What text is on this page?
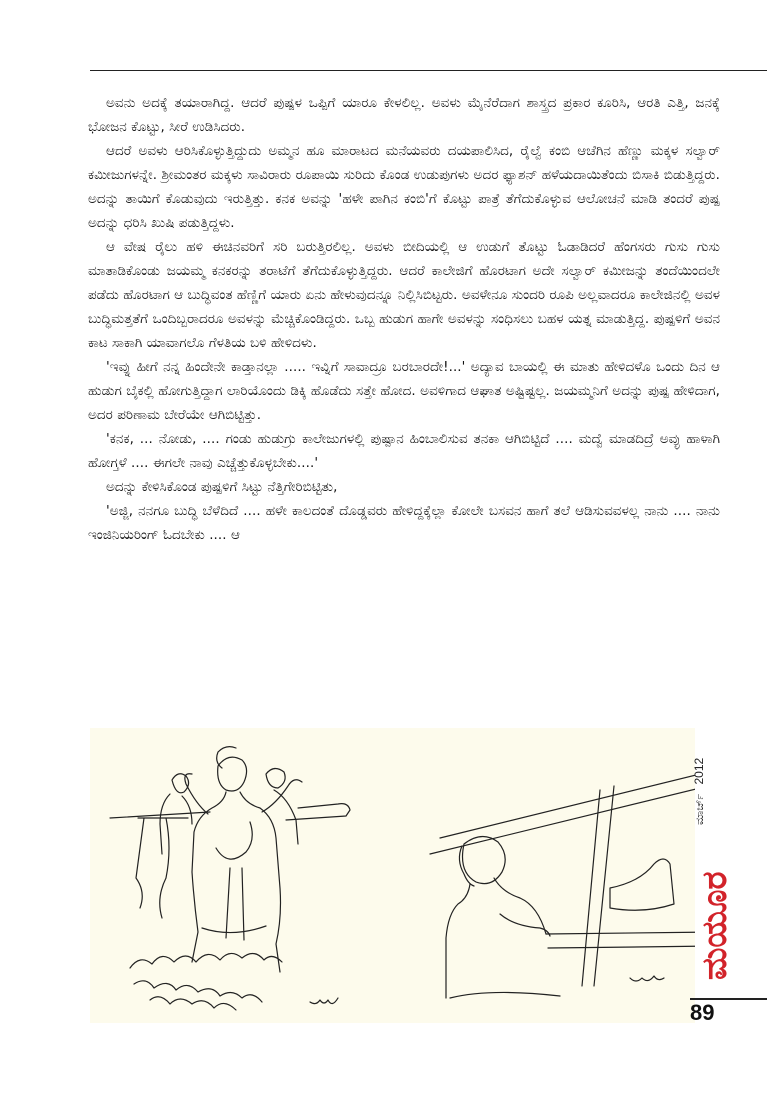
ಅವನು ಅದಕ್ಕೆ ತಯಾರಾಗಿದ್ದ. ಆದರೆ ಪುಷ್ಪಳ ಒಪ್ಪಿಗೆ ಯಾರೂ ಕೇಳಲಿಲ್ಲ. ಅವಳು ಮೈನೆರೆದಾಗ ಶಾಸ್ತ್ರದ ಪ್ರಕಾರ ಕೂರಿಸಿ, ಆರತಿ ಎತ್ತಿ, ಜನಕ್ಕೆ ಭೋಜನ ಕೊಟ್ಟು, ಸೀರೆ ಉಡಿಸಿದರು.

ಆದರೆ ಅವಳು ಆರಿಸಿಕೊಳ್ಳುತ್ತಿದ್ದುದು ಅಮ್ಮನ ಹೂ ಮಾರಾಟದ ಮನೆಯವರು ದಯಪಾಲಿಸಿದ, ರೈಲ್ವೆ ಕಂಬಿ ಆಚೆಗಿನ ಹೆಣ್ಣು ಮಕ್ಕಳ ಸಲ್ವಾರ್ ಕಮೀಜುಗಳನ್ನೇ. ಶ್ರೀಮಂತರ ಮಕ್ಕಳು ಸಾವಿರಾರು ರೂಪಾಯಿ ಸುರಿದು ಕೊಂಡ ಉಡುಪುಗಳು ಅದರ ಫ್ಯಾಶನ್ ಹಳೆಯದಾಯಿತೆಂದು ಬಿಸಾಕಿ ಬಿಡುತ್ತಿದ್ದರು. ಅದನ್ನು ತಾಯಿಗೆ ಕೊಡುವುದು ಇರುತ್ತಿತ್ತು. ಕನಕ ಅವನ್ನು 'ಹಳೇ ಪಾಗಿನ ಕಂಬಿ'ಗೆ ಕೊಟ್ಟು ಪಾತ್ರೆ ತೆಗೆದುಕೊಳ್ಳುವ ಆಲೋಚನೆ ಮಾಡಿ ತಂದರೆ ಪುಷ್ಪ ಅದನ್ನು ಧರಿಸಿ ಖುಷಿ ಪಡುತ್ತಿದ್ದಳು.

ಆ ವೇಷ ರೈಲು ಹಳಿ ಈಚಿನವರಿಗೆ ಸರಿ ಬರುತ್ತಿರಲಿಲ್ಲ. ಅವಳು ಬೀದಿಯಲ್ಲಿ ಆ ಉಡುಗೆ ತೊಟ್ಟು ಓಡಾಡಿದರೆ ಹೆಂಗಸರು ಗುಸು ಗುಸು ಮಾತಾಡಿಕೊಂಡು ಜಯಮ್ಮ ಕನಕರನ್ನು ತರಾಟೆಗೆ ತೆಗೆದುಕೊಳ್ಳುತ್ತಿದ್ದರು. ಆದರೆ ಕಾಲೇಜಿಗೆ ಹೊರಟಾಗ ಅದೇ ಸಲ್ವಾರ್ ಕಮೀಜನ್ನು ತಂದೆಯಿಂದಲೇ ಪಡೆದು ಹೊರಟಾಗ ಆ ಬುದ್ಧಿವಂತ ಹೆಣ್ಣಿಗೆ ಯಾರು ಏನು ಹೇಳುವುದನ್ನೂ ನಿಲ್ಲಿಸಿಬಿಟ್ಟರು. ಅವಳೇನೂ ಸುಂದರಿ ರೂಪಿ ಅಲ್ಲವಾದರೂ ಕಾಲೇಜಿನಲ್ಲಿ ಅವಳ ಬುದ್ಧಿಮತ್ತತೆಗೆ ಒಂದಿಬ್ಬರಾದರೂ ಅವಳನ್ನು ಮೆಚ್ಚಿಕೊಂಡಿದ್ದರು. ಒಬ್ಬ ಹುಡುಗ ಹಾಗೇ ಅವಳನ್ನು ಸಂಧಿಸಲು ಬಹಳ ಯತ್ನ ಮಾಡುತ್ತಿದ್ದ. ಪುಷ್ಪಳಿಗೆ ಅವನ ಕಾಟ ಸಾಕಾಗಿ ಯಾವಾಗಲೊ ಗೆಳತಿಯ ಬಳಿ ಹೇಳಿದಳು.

'ಇವ್ನು ಹೀಗೆ ನನ್ನ ಹಿಂದೇನೇ ಕಾಡ್ತಾನಲ್ಲಾ ..... ಇವ್ನಿಗೆ ಸಾವಾದ್ರೂ ಬರಬಾರದೇ!...' ಅದ್ಯಾವ ಬಾಯಲ್ಲಿ ಈ ಮಾತು ಹೇಳಿದಳೊ ಒಂದು ದಿನ ಆ ಹುಡುಗ ಬೈಕಲ್ಲಿ ಹೋಗುತ್ತಿದ್ದಾಗ ಲಾರಿಯೊಂದು ಡಿಕ್ಕಿ ಹೊಡೆದು ಸತ್ತೇ ಹೋದ. ಅವಳಿಗಾದ ಆಘಾತ ಅಷ್ಟಿಷ್ಟಲ್ಲ. ಜಯಮ್ಮನಿಗೆ ಅದನ್ನು ಪುಷ್ಪ ಹೇಳಿದಾಗ, ಅದರ ಪರಿಣಾಮ ಬೇರೆಯೇ ಆಗಿಬಿಟ್ಟಿತ್ತು.

'ಕನಕ, ... ನೋಡು, .... ಗಂಡು ಹುಡುಗ್ರು ಕಾಲೇಜುಗಳಲ್ಲಿ ಪುಷ್ಪಾನ ಹಿಂಬಾಲಿಸುವ ತನಕಾ ಆಗಿಬಿಟ್ಟಿದೆ .... ಮದ್ವೆ ಮಾಡದಿದ್ರೆ ಅವ್ಳು ಹಾಳಾಗಿ ಹೋಗ್ತಳೆ .... ಈಗಲೇ ನಾವು ಎಚ್ಚೆತ್ತುಕೊಳ್ಳಬೇಕು....'

ಅದನ್ನು ಕೇಳಿಸಿಕೊಂಡ ಪುಷ್ಪಳಿಗೆ ಸಿಟ್ಟು ನೆತ್ತಿಗೇರಿಬಿಟ್ಟಿತು,

'ಅಜ್ಜಿ, ನನಗೂ ಬುದ್ಧಿ ಬೆಳೆದಿದೆ .... ಹಳೇ ಕಾಲದಂತೆ ದೊಡ್ಡವರು ಹೇಳಿದ್ದಕ್ಕೆಲ್ಲಾ ಕೋಲೇ ಬಸವನ ಹಾಗೆ ತಲೆ ಆಡಿಸುವವಳಲ್ಲ ನಾನು .... ನಾನು ಇಂಜಿನಿಯರಿಂಗ್ ಓದಬೇಕು .... ಆ

ಮಾರ್ಚ್ 2012
ಮಯೂರ
89
